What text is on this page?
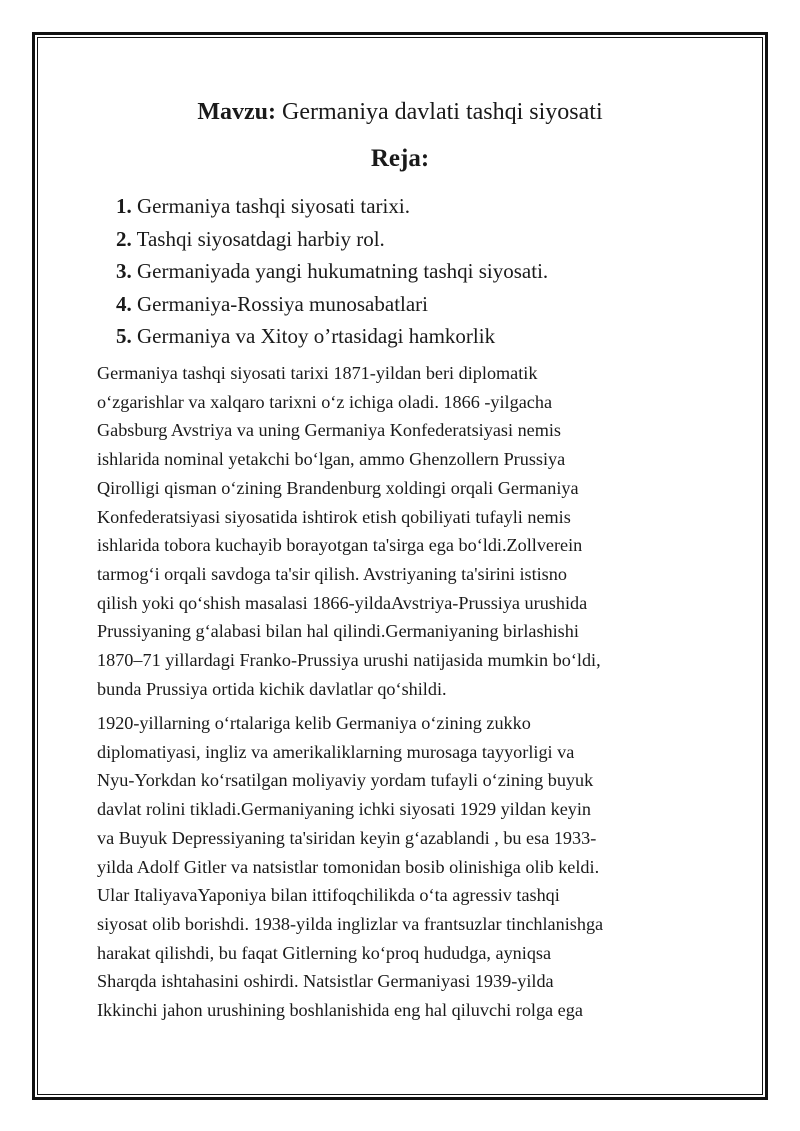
Mavzu: Germaniya davlati tashqi siyosati
Reja:
1. Germaniya tashqi siyosati tarixi.
2. Tashqi siyosatdagi harbiy rol.
3. Germaniyada yangi hukumatning tashqi siyosati.
4. Germaniya-Rossiya munosabatlari
5. Germaniya va Xitoy o’rtasidagi hamkorlik

Germaniya tashqi siyosati tarixi 1871-yildan beri diplomatik
o‘zgarishlar va xalqaro tarixni o‘z ichiga oladi. 1866 -yilgacha
Gabsburg Avstriya va uning Germaniya Konfederatsiyasi nemis
ishlarida nominal yetakchi bo‘lgan, ammo Ghenzollern Prussiya
Qirolligi qisman o‘zining Brandenburg xoldingi orqali Germaniya
Konfederatsiyasi siyosatida ishtirok etish qobiliyati tufayli nemis
ishlarida tobora kuchayib borayotgan ta'sirga ega bo‘ldi.Zollverein
tarmog‘i orqali savdoga ta'sir qilish. Avstriyaning ta'sirini istisno
qilish yoki qo‘shish masalasi 1866-yildaAvstriya-Prussiya urushida
Prussiyaning g‘alabasi bilan hal qilindi.Germaniyaning birlashishi
1870–71 yillardagi Franko-Prussiya urushi natijasida mumkin bo‘ldi,
bunda Prussiya ortida kichik davlatlar qo‘shildi.

1920-yillarning o‘rtalariga kelib Germaniya o‘zining zukko
diplomatiyasi, ingliz va amerikaliklarning murosaga tayyorligi va
Nyu-Yorkdan ko‘rsatilgan moliyaviy yordam tufayli o‘zining buyuk
davlat rolini tikladi.Germaniyaning ichki siyosati 1929 yildan keyin
va Buyuk Depressiyaning ta'siridan keyin g‘azablandi , bu esa 1933-
yilda Adolf Gitler va natsistlar tomonidan bosib olinishiga olib keldi.
Ular ItaliyavaYaponiya bilan ittifoqchilikda o‘ta agressiv tashqi
siyosat olib borishdi. 1938-yilda inglizlar va frantsuzlar tinchlanishga
harakat qilishdi, bu faqat Gitlerning ko‘proq hududga, ayniqsa
Sharqda ishtahasini oshirdi. Natsistlar Germaniyasi 1939-yilda
Ikkinchi jahon urushining boshlanishida eng hal qiluvchi rolga ega
